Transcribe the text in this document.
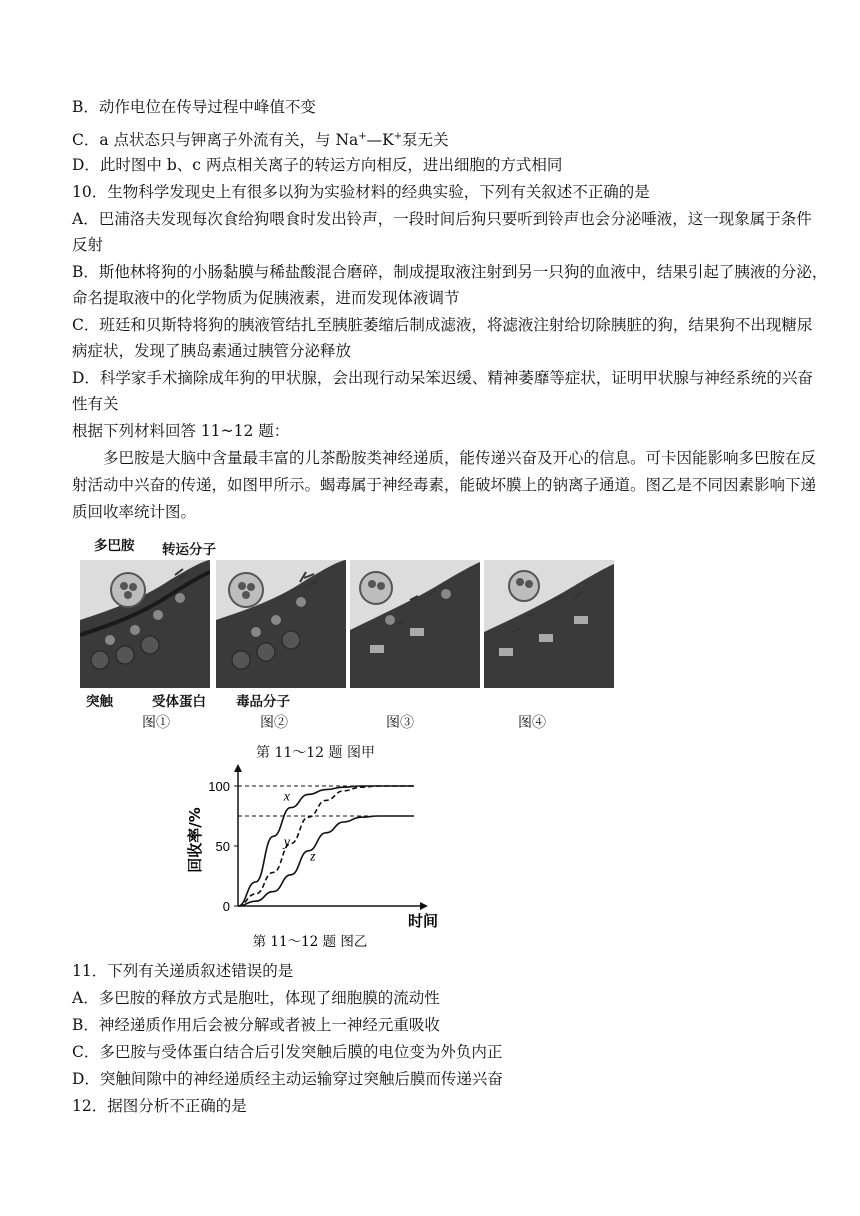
B．动作电位在传导过程中峰值不变
C．a 点状态只与钾离子外流有关，与 Na+—K+泵无关
D．此时图中 b、c 两点相关离子的转运方向相反，进出细胞的方式相同
10．生物科学发现史上有很多以狗为实验材料的经典实验，下列有关叙述不正确的是
A．巴浦洛夫发现每次食给狗喂食时发出铃声，一段时间后狗只要听到铃声也会分泌唾液，这一现象属于条件
反射
B．斯他林将狗的小肠黏膜与稀盐酸混合磨碎，制成提取液注射到另一只狗的血液中，结果引起了胰液的分泌，
命名提取液中的化学物质为促胰液素，进而发现体液调节
C．班廷和贝斯特将狗的胰液管结扎至胰脏萎缩后制成滤液，将滤液注射给切除胰脏的狗，结果狗不出现糖尿
病症状，发现了胰岛素通过胰管分泌释放
D．科学家手术摘除成年狗的甲状腺，会出现行动呆笨迟缓、精神萎靡等症状，证明甲状腺与神经系统的兴奋
性有关
根据下列材料回答 11~12 题：
多巴胺是大脑中含量最丰富的儿茶酚胺类神经递质，能传递兴奋及开心的信息。可卡因能影响多巴胺在反
射活动中兴奋的传递，如图甲所示。蝎毒属于神经毒素，能破坏膜上的钠离子通道。图乙是不同因素影响下递
质回收率统计图。
多巴胺 转运分子
突触	受体蛋白 毒品分子
图①	图②	图③	图④
第 11～12 题 图甲
0
50
100
x
y
z
时间
回收率/%
第 11～12 题 图乙
11．下列有关递质叙述错误的是
A．多巴胺的释放方式是胞吐，体现了细胞膜的流动性
B．神经递质作用后会被分解或者被上一神经元重吸收
C．多巴胺与受体蛋白结合后引发突触后膜的电位变为外负内正
D．突触间隙中的神经递质经主动运输穿过突触后膜而传递兴奋
12．据图分析不正确的是
